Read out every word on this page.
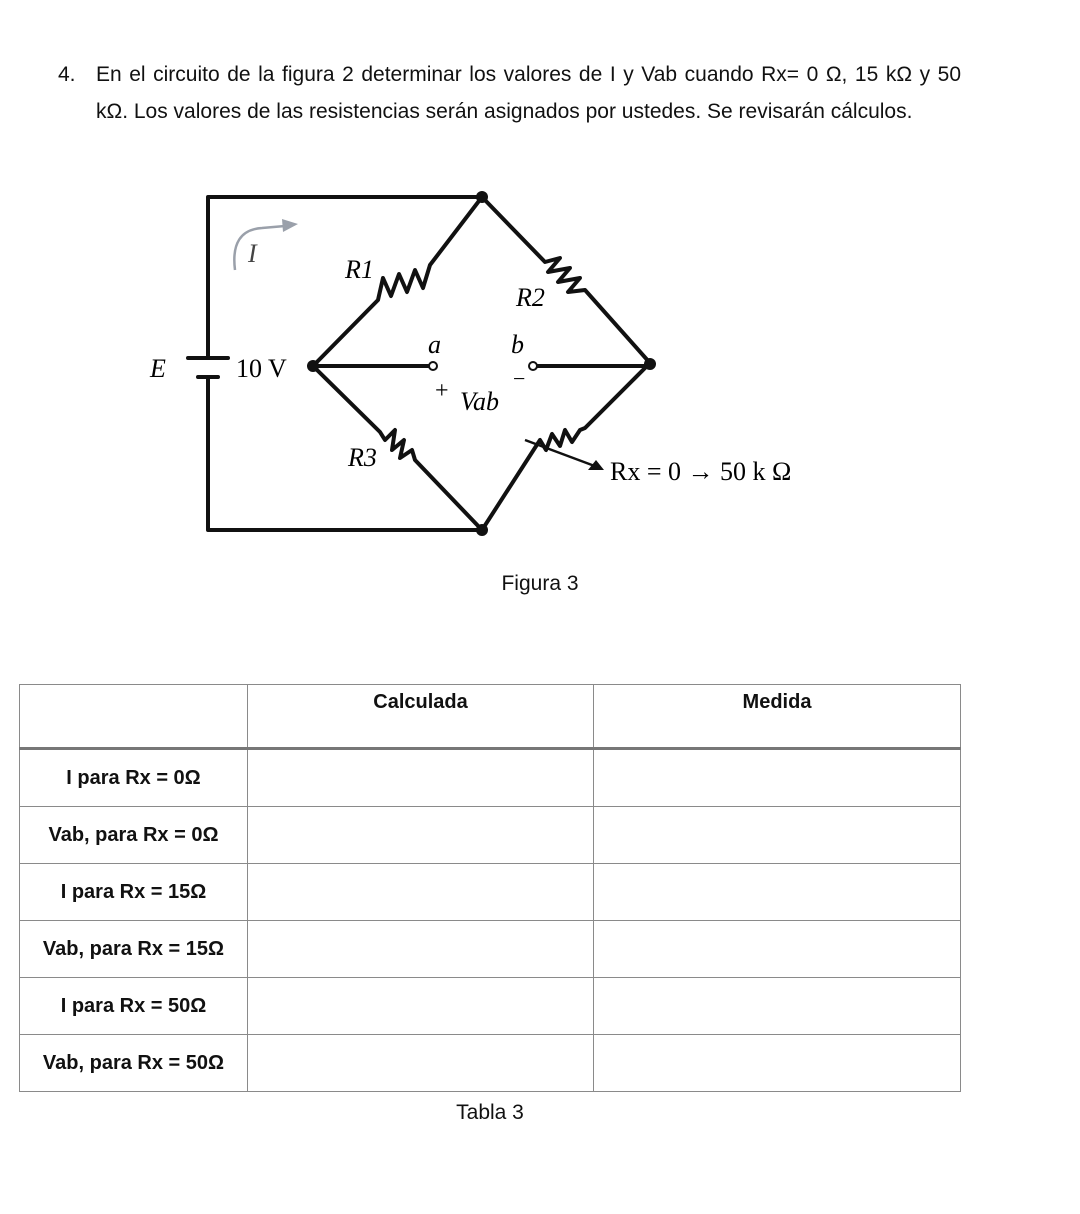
4. En el circuito de la figura 2 determinar los valores de I y Vab cuando Rx= 0 Ω, 15 kΩ y 50 kΩ. Los valores de las resistencias serán asignados por ustedes. Se revisarán cálculos.
I
E	10 V
R1
R2
R3
a	b
+	−
Vab
Rx = 0 → 50 k Ω
Figura 3
	Calculada	Medida
I para Rx = 0Ω		
Vab, para Rx = 0Ω		
I para Rx = 15Ω		
Vab, para Rx = 15Ω		
I para Rx = 50Ω		
Vab, para Rx = 50Ω		
Tabla 3
